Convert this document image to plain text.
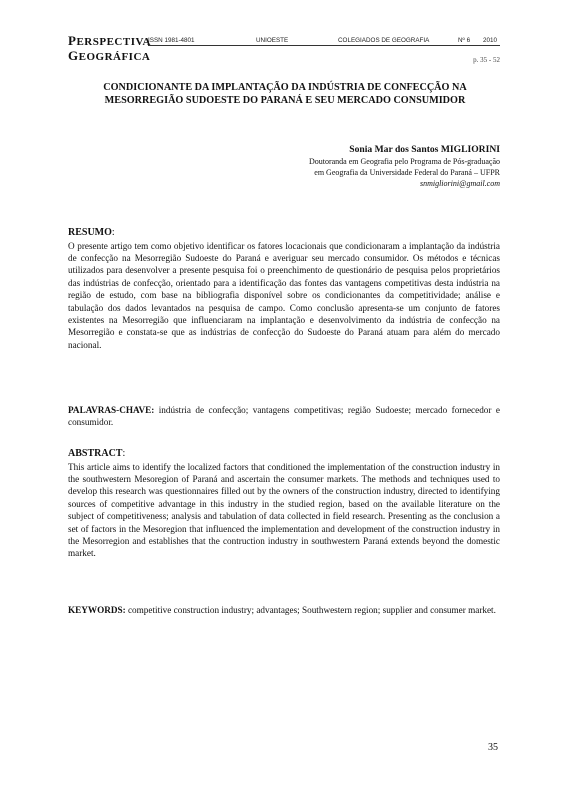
PERSPECTIVA
GEOGRÁFICA
ISSN 1981-4801	UNIOESTE	COLEGIADOS DE GEOGRAFIA	Nº 6 2010
p. 35 - 52
CONDICIONANTE DA IMPLANTAÇÃO DA INDÚSTRIA DE CONFECÇÃO NA
MESORREGIÃO SUDOESTE DO PARANÁ E SEU MERCADO CONSUMIDOR
Sonia Mar dos Santos MIGLIORINI
Doutoranda em Geografia pelo Programa de Pós-graduação
em Geografia da Universidade Federal do Paraná – UFPR
snmigliorini@gmail.com
RESUMO:
O presente artigo tem como objetivo identificar os fatores locacionais que condicionaram a implantação da indústria de confecção na Mesorregião Sudoeste do Paraná e averiguar seu mercado consumidor. Os métodos e técnicas utilizados para desenvolver a presente pesquisa foi o preenchimento de questionário de pesquisa pelos proprietários das indústrias de confecção, orientado para a identificação das fontes das vantagens competitivas desta indústria na região de estudo, com base na bibliografia disponível sobre os condicionantes da competitividade; análise e tabulação dos dados levantados na pesquisa de campo. Como conclusão apresenta-se um conjunto de fatores existentes na Mesorregião que influenciaram na implantação e desenvolvimento da indústria de confecção na Mesorregião e constata-se que as indústrias de confecção do Sudoeste do Paraná atuam para além do mercado nacional.
PALAVRAS-CHAVE: indústria de confecção; vantagens competitivas; região Sudoeste; mercado fornecedor e consumidor.
ABSTRACT:
This article aims to identify the localized factors that conditioned the implementation of the construction industry in the southwestern Mesoregion of Paraná and ascertain the consumer markets. The methods and techniques used to develop this research was questionnaires filled out by the owners of the construction industry, directed to identifying sources of competitive advantage in this industry in the studied region, based on the available literature on the subject of competitiveness; analysis and tabulation of data collected in field research. Presenting as the conclusion a set of factors in the Mesoregion that influenced the implementation and development of the construction industry in the Mesorregion and establishes that the contruction industry in southwestern Paraná extends beyond the domestic market.
KEYWORDS: competitive construction industry; advantages; Southwestern region; supplier and consumer market.
35
